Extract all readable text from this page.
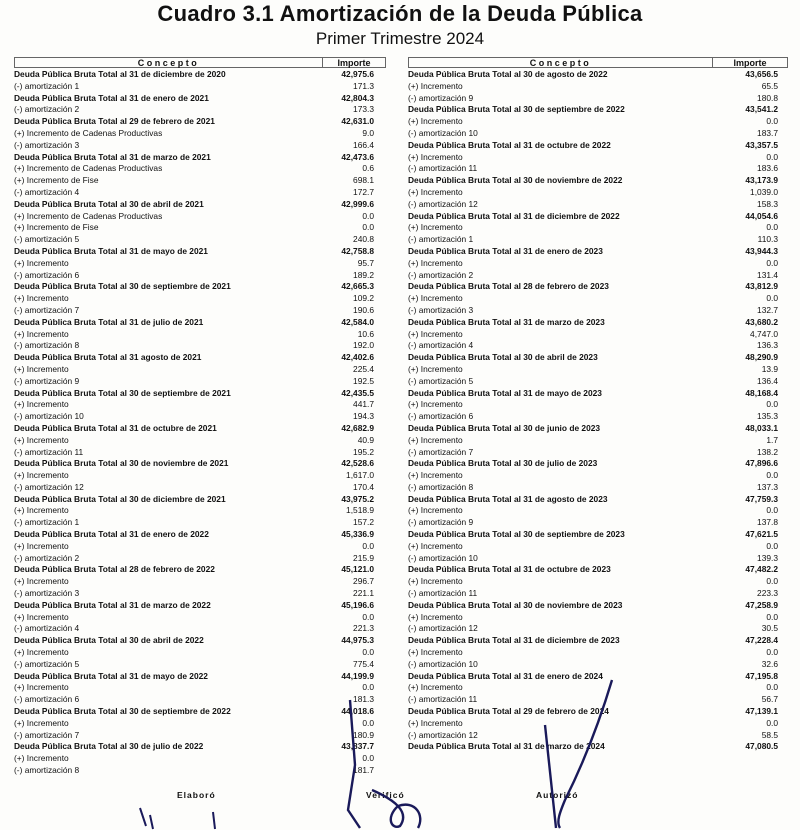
Cuadro 3.1 Amortización de la Deuda Pública
Primer Trimestre 2024
Concepto	Importe
Deuda Pública Bruta Total al 31 de diciembre de 2020	42,975.6
(-) amortización 1	171.3
Deuda Pública Bruta Total al 31 de enero de 2021	42,804.3
(-) amortización 2	173.3
Deuda Pública Bruta Total al 29 de febrero de 2021	42,631.0
(+) Incremento de Cadenas Productivas	9.0
(-) amortización 3	166.4
Deuda Pública Bruta Total al 31 de marzo de 2021	42,473.6
(+) Incremento de Cadenas Productivas	0.6
(+) Incremento de Fise	698.1
(-) amortización 4	172.7
Deuda Pública Bruta Total al 30 de abril de 2021	42,999.6
(+) Incremento de Cadenas Productivas	0.0
(+) Incremento de Fise	0.0
(-) amortización 5	240.8
Deuda Pública Bruta Total al 31 de mayo de 2021	42,758.8
(+) Incremento	95.7
(-) amortización 6	189.2
Deuda Pública Bruta Total al 30 de septiembre de 2021	42,665.3
(+) Incremento	109.2
(-) amortización 7	190.6
Deuda Pública Bruta Total al 31 de julio de 2021	42,584.0
(+) Incremento	10.6
(-) amortización 8	192.0
Deuda Pública Bruta Total al 31 agosto de 2021	42,402.6
(+) Incremento	225.4
(-) amortización 9	192.5
Deuda Pública Bruta Total al 30 de septiembre de 2021	42,435.5
(+) Incremento	441.7
(-) amortización 10	194.3
Deuda Pública Bruta Total al 31 de octubre de 2021	42,682.9
(+) Incremento	40.9
(-) amortización 11	195.2
Deuda Pública Bruta Total al 30 de noviembre de 2021	42,528.6
(+) Incremento	1,617.0
(-) amortización 12	170.4
Deuda Pública Bruta Total al 30 de diciembre de 2021	43,975.2
(+) Incremento	1,518.9
(-) amortización 1	157.2
Deuda Pública Bruta Total al 31 de enero de 2022	45,336.9
(+) Incremento	0.0
(-) amortización 2	215.9
Deuda Pública Bruta Total al 28 de febrero de 2022	45,121.0
(+) Incremento	296.7
(-) amortización 3	221.1
Deuda Pública Bruta Total al 31 de marzo de 2022	45,196.6
(+) Incremento	0.0
(-) amortización 4	221.3
Deuda Pública Bruta Total al 30 de abril de 2022	44,975.3
(+) Incremento	0.0
(-) amortización 5	775.4
Deuda Pública Bruta Total al 31 de mayo de 2022	44,199.9
(+) Incremento	0.0
(-) amortización 6	181.3
Deuda Pública Bruta Total al 30 de septiembre de 2022	44,018.6
(+) Incremento	0.0
(-) amortización 7	180.9
Deuda Pública Bruta Total al 30 de julio de 2022	43,837.7
(+) Incremento	0.0
(-) amortización 8	181.7
Concepto	Importe
Deuda Pública Bruta Total al 30 de agosto de 2022	43,656.5
(+) Incremento	65.5
(-) amortización 9	180.8
Deuda Pública Bruta Total al 30 de septiembre de 2022	43,541.2
(+) Incremento	0.0
(-) amortización 10	183.7
Deuda Pública Bruta Total al 31 de octubre de 2022	43,357.5
(+) Incremento	0.0
(-) amortización 11	183.6
Deuda Pública Bruta Total al 30 de noviembre de 2022	43,173.9
(+) Incremento	1,039.0
(-) amortización 12	158.3
Deuda Pública Bruta Total al 31 de diciembre de 2022	44,054.6
(+) Incremento	0.0
(-) amortización 1	110.3
Deuda Pública Bruta Total al 31 de enero de 2023	43,944.3
(+) Incremento	0.0
(-) amortización 2	131.4
Deuda Pública Bruta Total al 28 de febrero de 2023	43,812.9
(+) Incremento	0.0
(-) amortización 3	132.7
Deuda Pública Bruta Total al 31 de marzo de 2023	43,680.2
(+) Incremento	4,747.0
(-) amortización 4	136.3
Deuda Pública Bruta Total al 30 de abril de 2023	48,290.9
(+) Incremento	13.9
(-) amortización 5	136.4
Deuda Pública Bruta Total al 31 de mayo de 2023	48,168.4
(+) Incremento	0.0
(-) amortización 6	135.3
Deuda Pública Bruta Total al 30 de junio de 2023	48,033.1
(+) Incremento	1.7
(-) amortización 7	138.2
Deuda Pública Bruta Total al 30 de julio de 2023	47,896.6
(+) Incremento	0.0
(-) amortización 8	137.3
Deuda Pública Bruta Total al 31 de agosto de 2023	47,759.3
(+) Incremento	0.0
(-) amortización 9	137.8
Deuda Pública Bruta Total al 30 de septiembre de 2023	47,621.5
(+) Incremento	0.0
(-) amortización 10	139.3
Deuda Pública Bruta Total al 31 de octubre de 2023	47,482.2
(+) Incremento	0.0
(-) amortización 11	223.3
Deuda Pública Bruta Total al 30 de noviembre de 2023	47,258.9
(+) Incremento	0.0
(-) amortización 12	30.5
Deuda Pública Bruta Total al 31 de diciembre de 2023	47,228.4
(+) Incremento	0.0
(-) amortización 10	32.6
Deuda Pública Bruta Total al 31 de enero de 2024	47,195.8
(+) Incremento	0.0
(-) amortización 11	56.7
Deuda Pública Bruta Total al 29 de febrero de 2024	47,139.1
(+) Incremento	0.0
(-) amortización 12	58.5
Deuda Pública Bruta Total al 31 de marzo de 2024	47,080.5
Elaboró	Verificó	Autorizó
